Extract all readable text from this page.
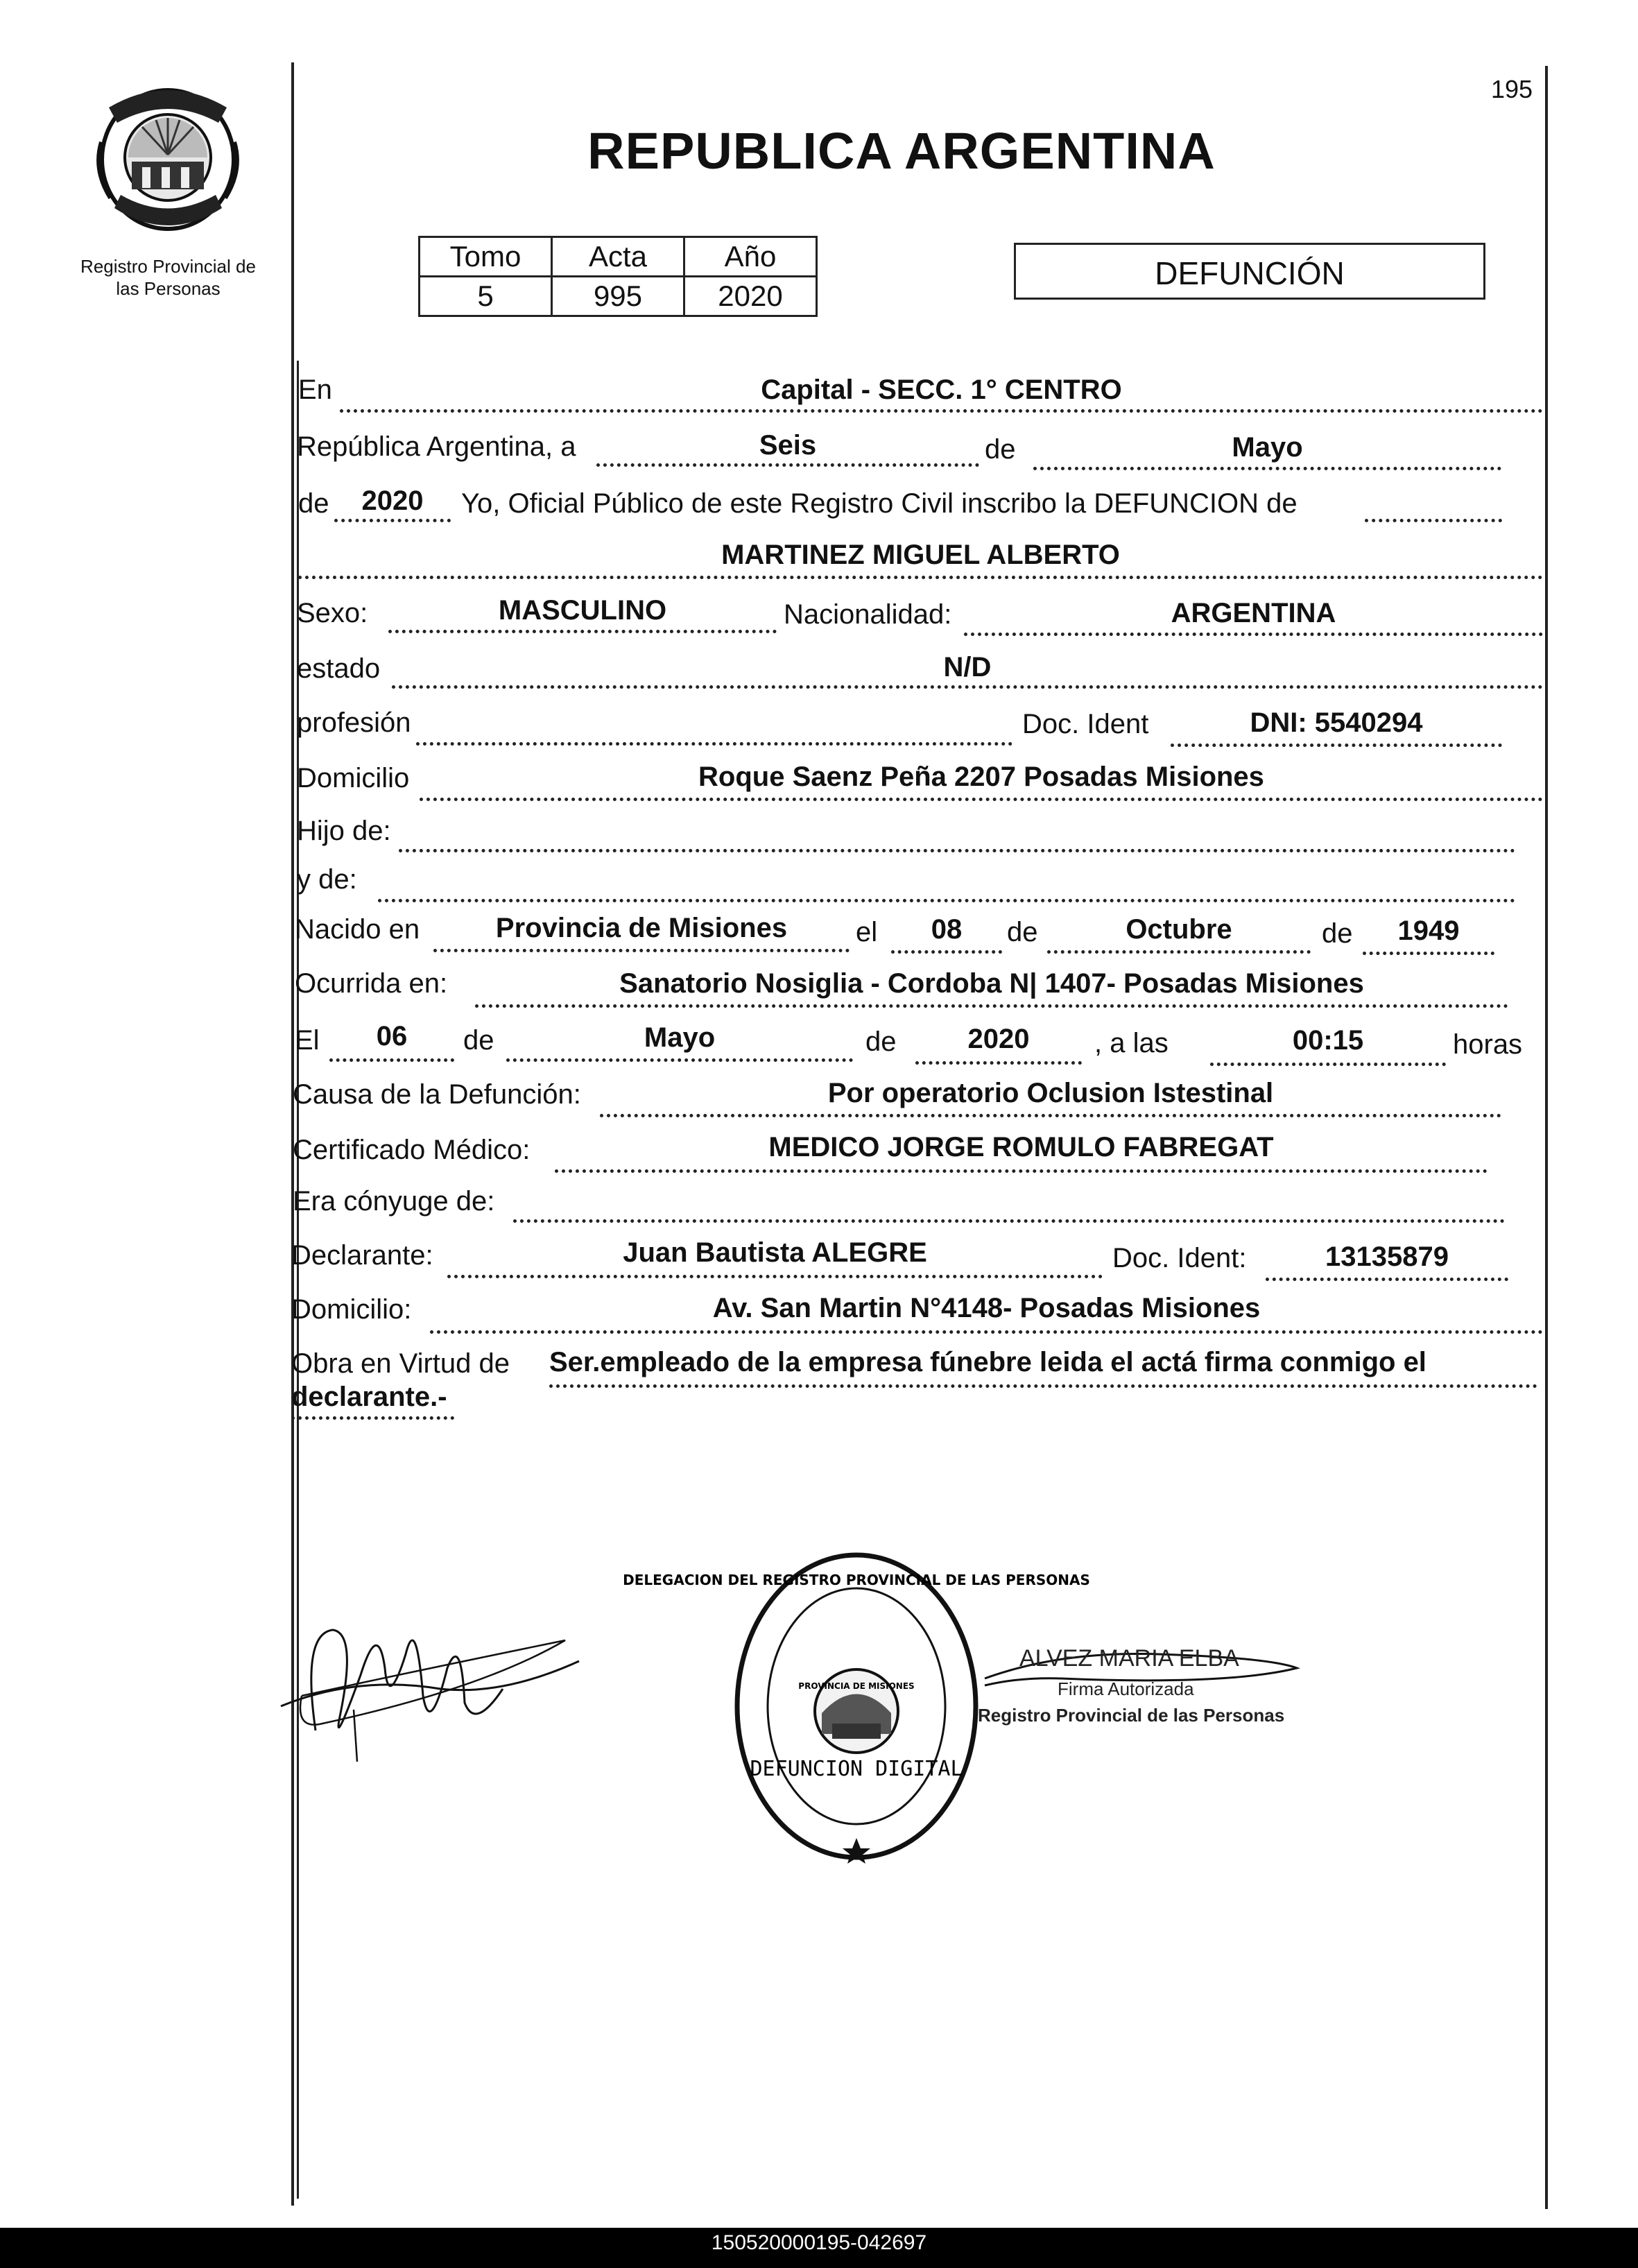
Registro Provincial de
las Personas
195
REPUBLICA ARGENTINA
Tomo	Acta	Año
5	995	2020
DEFUNCIÓN
En	Capital - SECC. 1° CENTRO
República Argentina, a	Seis	de	Mayo
de	2020	Yo, Oficial Público de este Registro Civil inscribo la DEFUNCION de
MARTINEZ MIGUEL ALBERTO
Sexo:	MASCULINO	Nacionalidad:	ARGENTINA
estado	N/D
profesión	Doc. Ident	DNI: 5540294
Domicilio	Roque Saenz Peña 2207 Posadas Misiones
Hijo de:
y de:
Nacido en	Provincia de Misiones	el	08	de	Octubre	de	1949
Ocurrida en:	Sanatorio Nosiglia - Cordoba N| 1407- Posadas Misiones
El	06	de	Mayo	de	2020	, a las	00:15	horas
Causa de la Defunción:	Por operatorio Oclusion Istestinal
Certificado Médico:	MEDICO JORGE ROMULO FABREGAT
Era cónyuge de:
Declarante:	Juan Bautista ALEGRE	Doc. Ident:	13135879
Domicilio:	Av. San Martin N°4148- Posadas Misiones
Obra en Virtud de Ser.empleado de la empresa fúnebre leida el actá firma conmigo el
declarante.-
PROVINCIA DE MISIONES
DEFUNCION DIGITAL
DELEGACION DEL REGISTRO PROVINCIAL DE LAS PERSONAS
ALVEZ MARIA ELBA
Firma Autorizada
Registro Provincial de las Personas
150520000195-042697
